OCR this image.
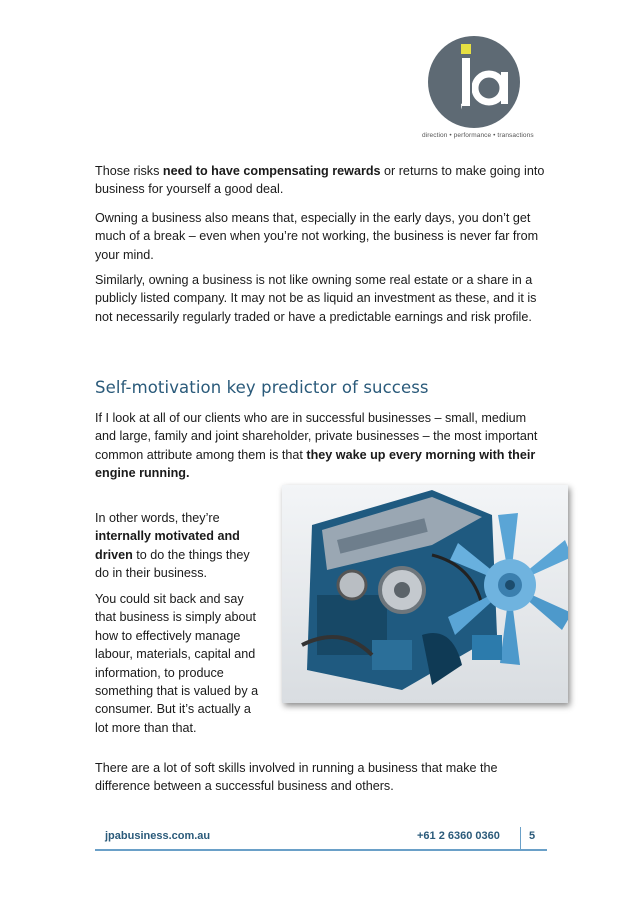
direction • performance • transactions

Those risks need to have compensating rewards or returns to make going into business for yourself a good deal.

Owning a business also means that, especially in the early days, you don’t get much of a break – even when you’re not working, the business is never far from your mind.

Similarly, owning a business is not like owning some real estate or a share in a publicly listed company. It may not be as liquid an investment as these, and it is not necessarily regularly traded or have a predictable earnings and risk profile.

Self-motivation key predictor of success

If I look at all of our clients who are in successful businesses – small, medium and large, family and joint shareholder, private businesses – the most important common attribute among them is that they wake up every morning with their engine running.

In other words, they’re internally motivated and driven to do the things they do in their business.

You could sit back and say that business is simply about how to effectively manage labour, materials, capital and information, to produce something that is valued by a consumer. But it’s actually a lot more than that.

There are a lot of soft skills involved in running a business that make the difference between a successful business and others.

jpabusiness.com.au	+61 2 6360 0360	5
